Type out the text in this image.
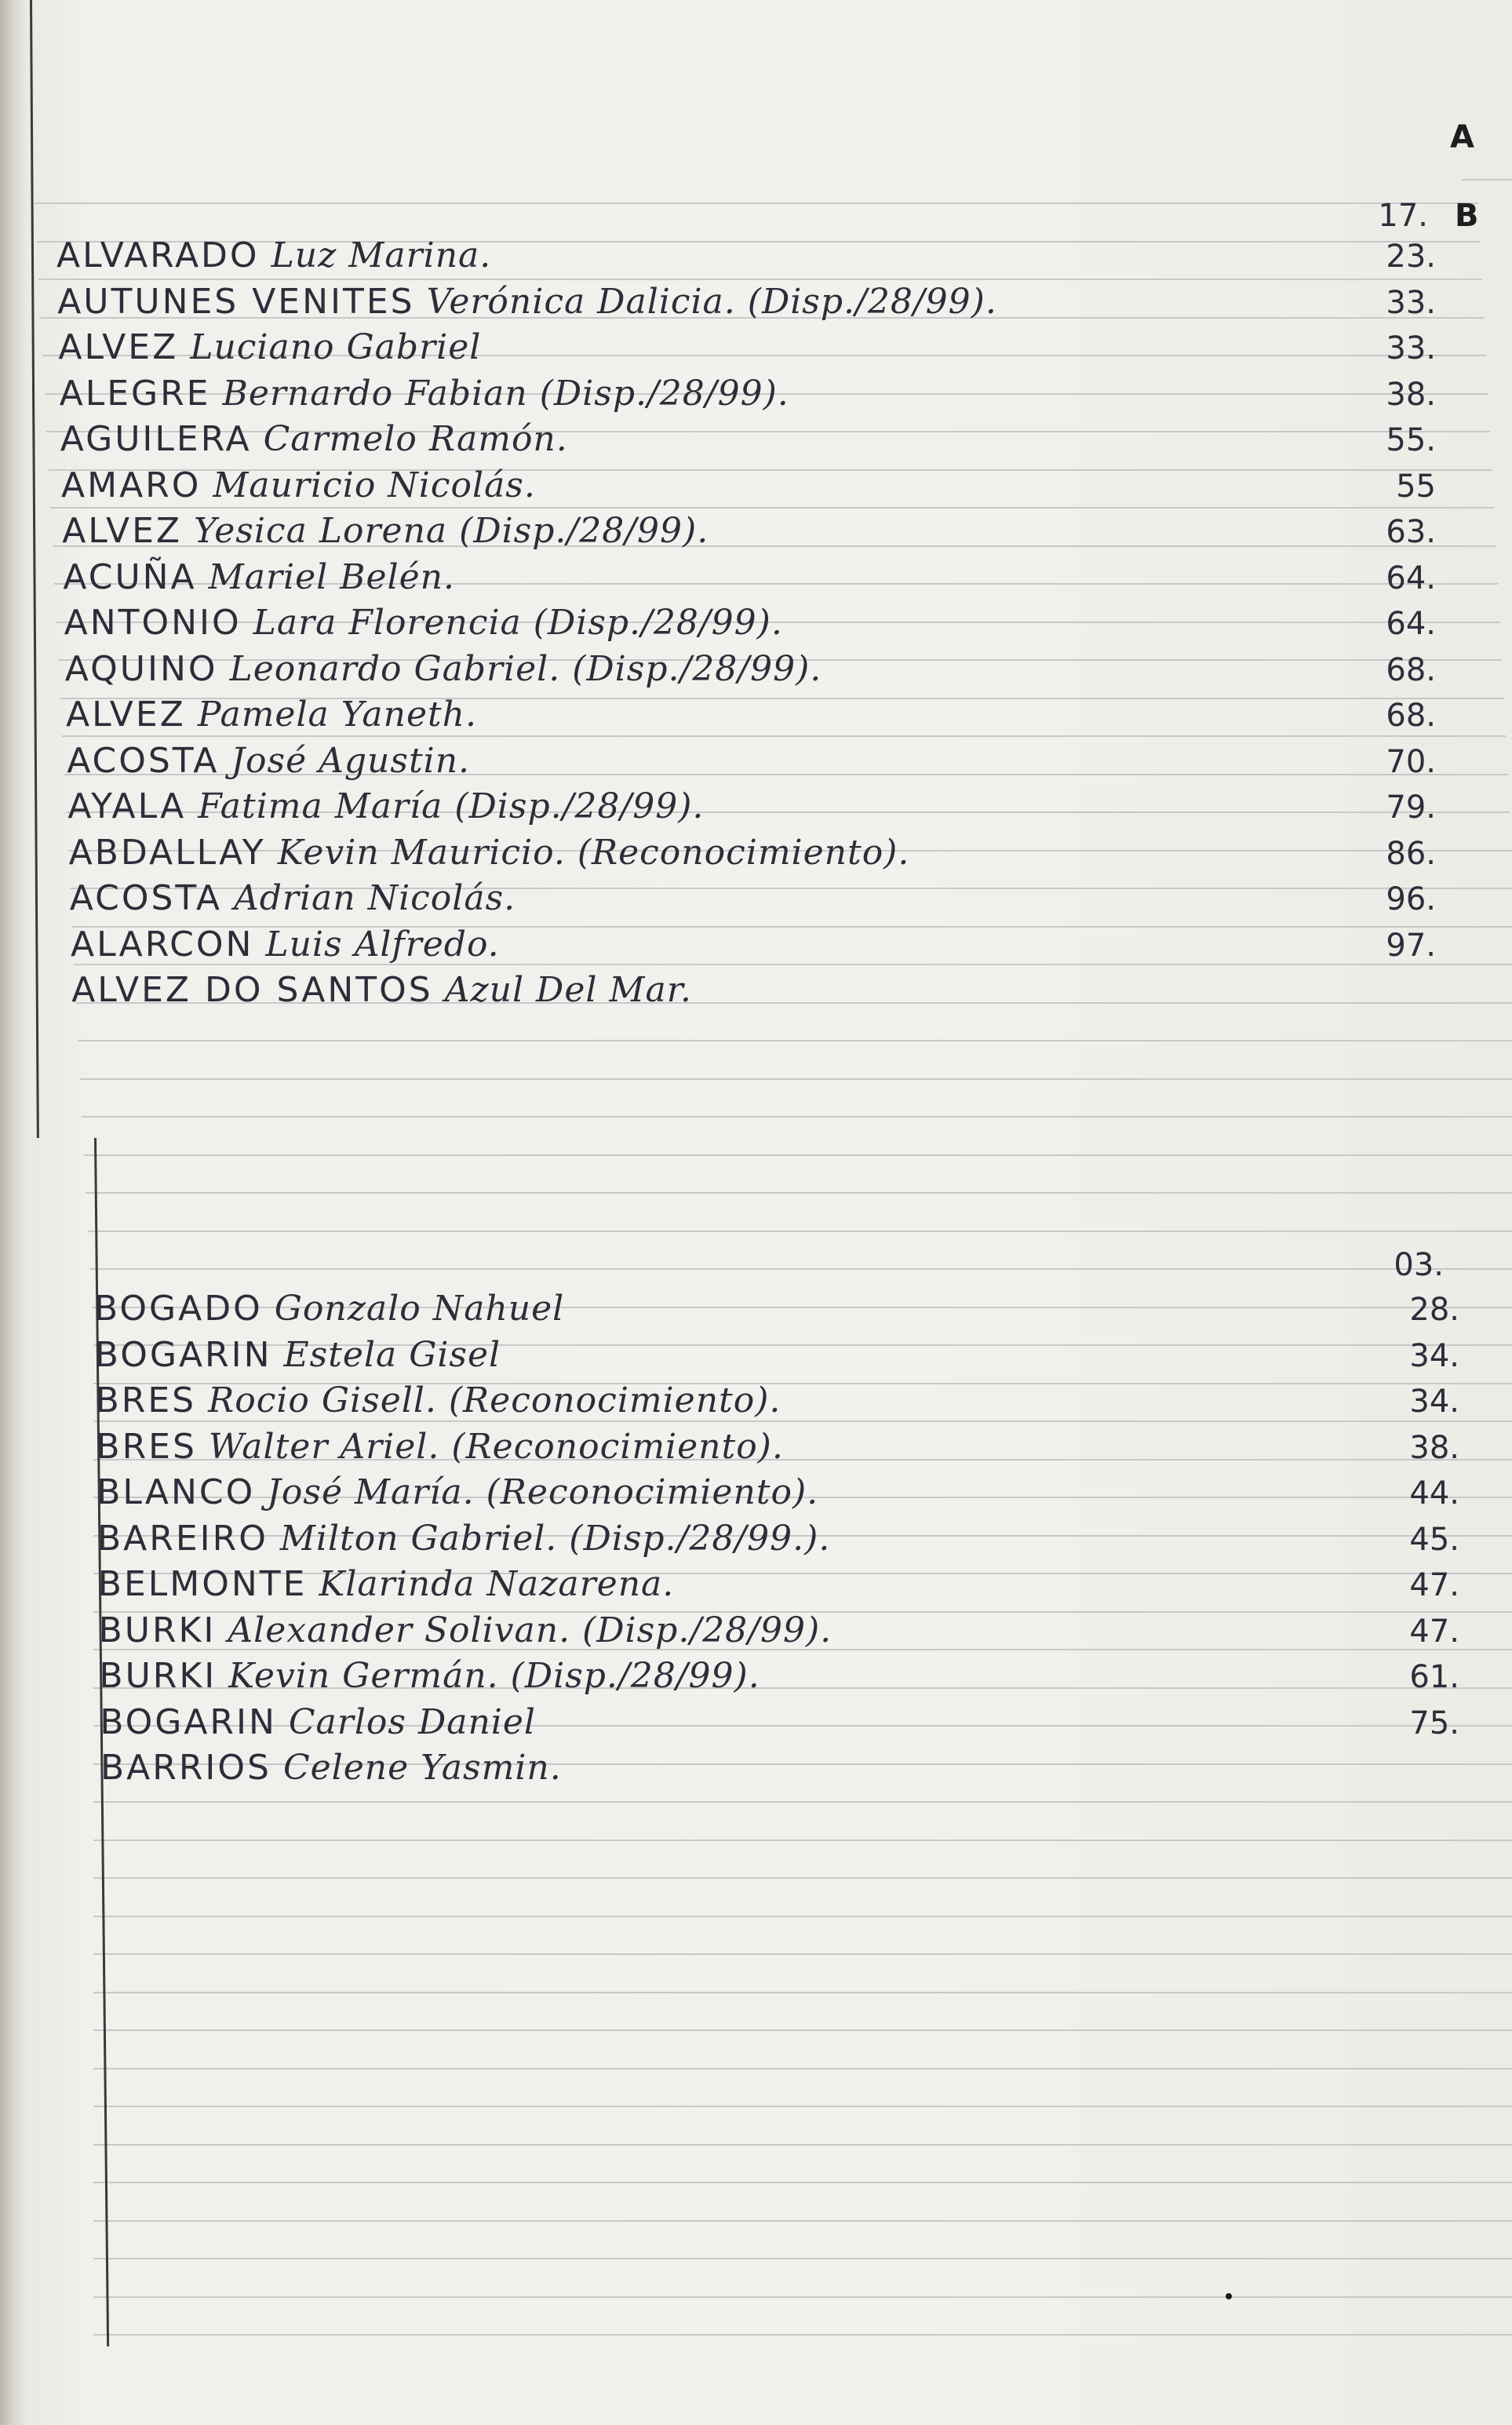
A
B
17.
03.
ALVARADO Luz Marina.	23.
AUTUNES VENITES Verónica Dalicia. (Disp./28/99).	33.
ALVEZ Luciano Gabriel	33.
ALEGRE Bernardo Fabian (Disp./28/99).	38.
AGUILERA Carmelo Ramón.	55.
AMARO Mauricio Nicolás.	55
ALVEZ Yesica Lorena (Disp./28/99).	63.
ACUÑA Mariel Belén.	64.
ANTONIO Lara Florencia (Disp./28/99).	64.
AQUINO Leonardo Gabriel. (Disp./28/99).	68.
ALVEZ Pamela Yaneth.	68.
ACOSTA José Agustin.	70.
AYALA Fatima María (Disp./28/99).	79.
ABDALLAY Kevin Mauricio. (Reconocimiento).	86.
ACOSTA Adrian Nicolás.	96.
ALARCON Luis Alfredo.	97.
ALVEZ DO SANTOS Azul Del Mar.
BOGADO Gonzalo Nahuel	28.
BOGARIN Estela Gisel	34.
BRES Rocio Gisell. (Reconocimiento).	34.
BRES Walter Ariel. (Reconocimiento).	38.
BLANCO José María. (Reconocimiento).	44.
BAREIRO Milton Gabriel. (Disp./28/99.).	45.
BELMONTE Klarinda Nazarena.	47.
BURKI Alexander Solivan. (Disp./28/99).	47.
BURKI Kevin Germán. (Disp./28/99).	61.
BOGARIN Carlos Daniel	75.
BARRIOS Celene Yasmin.
